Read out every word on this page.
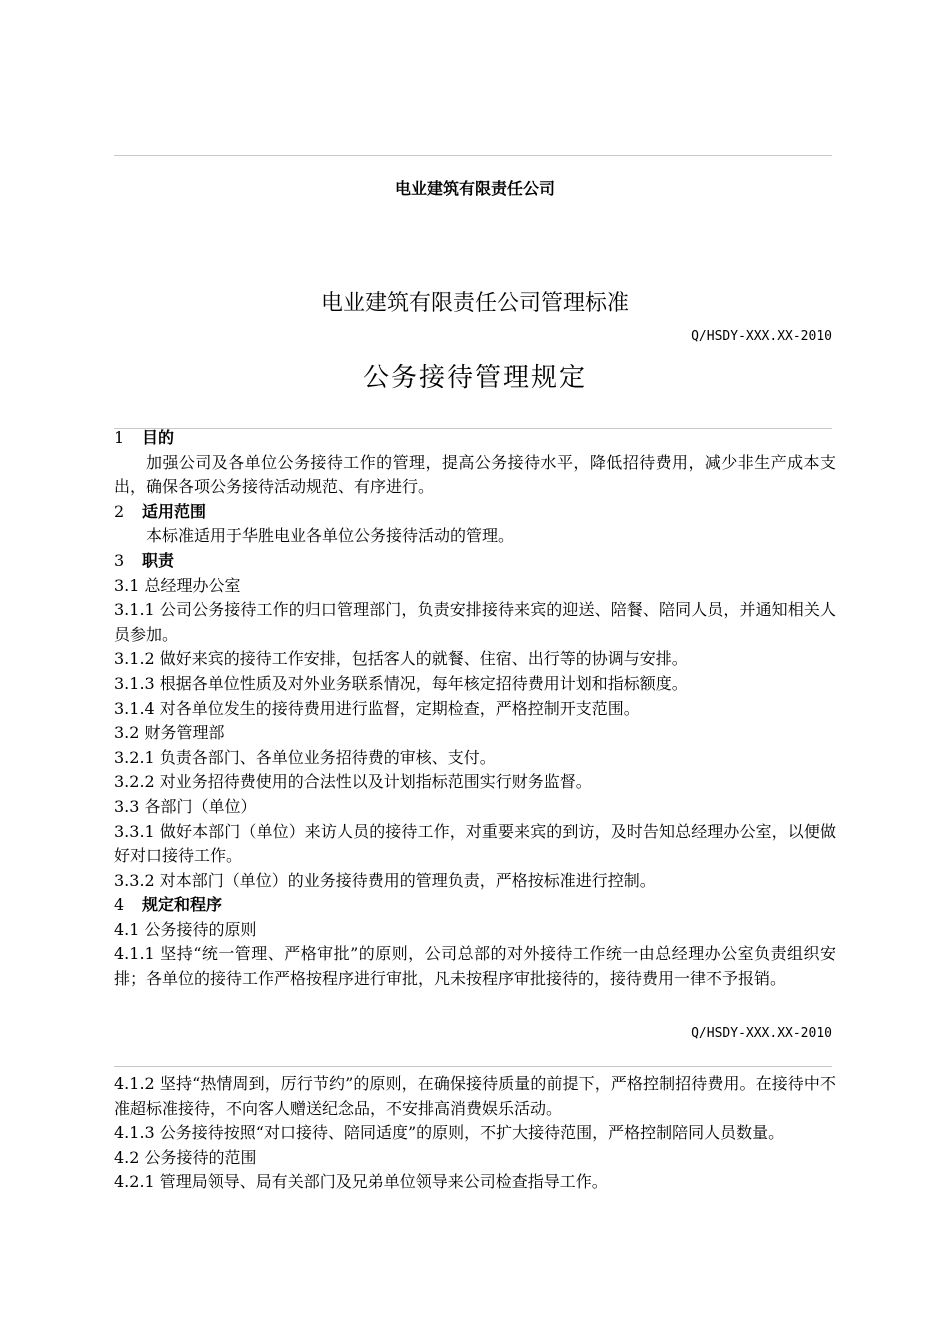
电业建筑有限责任公司
电业建筑有限责任公司管理标准
Q/HSDY-XXX.XX-2010
公务接待管理规定

1 目的

加强公司及各单位公务接待工作的管理，提高公务接待水平，降低招待费用，减少非生产成本支出，确保各项公务接待活动规范、有序进行。

2 适用范围

本标准适用于华胜电业各单位公务接待活动的管理。

3 职责

3.1 总经理办公室

3.1.1 公司公务接待工作的归口管理部门，负责安排接待来宾的迎送、陪餐、陪同人员，并通知相关人员参加。

3.1.2 做好来宾的接待工作安排，包括客人的就餐、住宿、出行等的协调与安排。

3.1.3 根据各单位性质及对外业务联系情况，每年核定招待费用计划和指标额度。

3.1.4 对各单位发生的接待费用进行监督，定期检查，严格控制开支范围。

3.2 财务管理部

3.2.1 负责各部门、各单位业务招待费的审核、支付。

3.2.2 对业务招待费使用的合法性以及计划指标范围实行财务监督。

3.3 各部门（单位）

3.3.1 做好本部门（单位）来访人员的接待工作，对重要来宾的到访，及时告知总经理办公室，以便做好对口接待工作。

3.3.2 对本部门（单位）的业务接待费用的管理负责，严格按标准进行控制。

4 规定和程序

4.1 公务接待的原则

4.1.1 坚持“统一管理、严格审批”的原则，公司总部的对外接待工作统一由总经理办公室负责组织安排；各单位的接待工作严格按程序进行审批，凡未按程序审批接待的，接待费用一律不予报销。

Q/HSDY-XXX.XX-2010

4.1.2 坚持“热情周到，厉行节约”的原则，在确保接待质量的前提下，严格控制招待费用。在接待中不准超标准接待，不向客人赠送纪念品，不安排高消费娱乐活动。

4.1.3 公务接待按照“对口接待、陪同适度”的原则，不扩大接待范围，严格控制陪同人员数量。

4.2 公务接待的范围

4.2.1 管理局领导、局有关部门及兄弟单位领导来公司检查指导工作。
